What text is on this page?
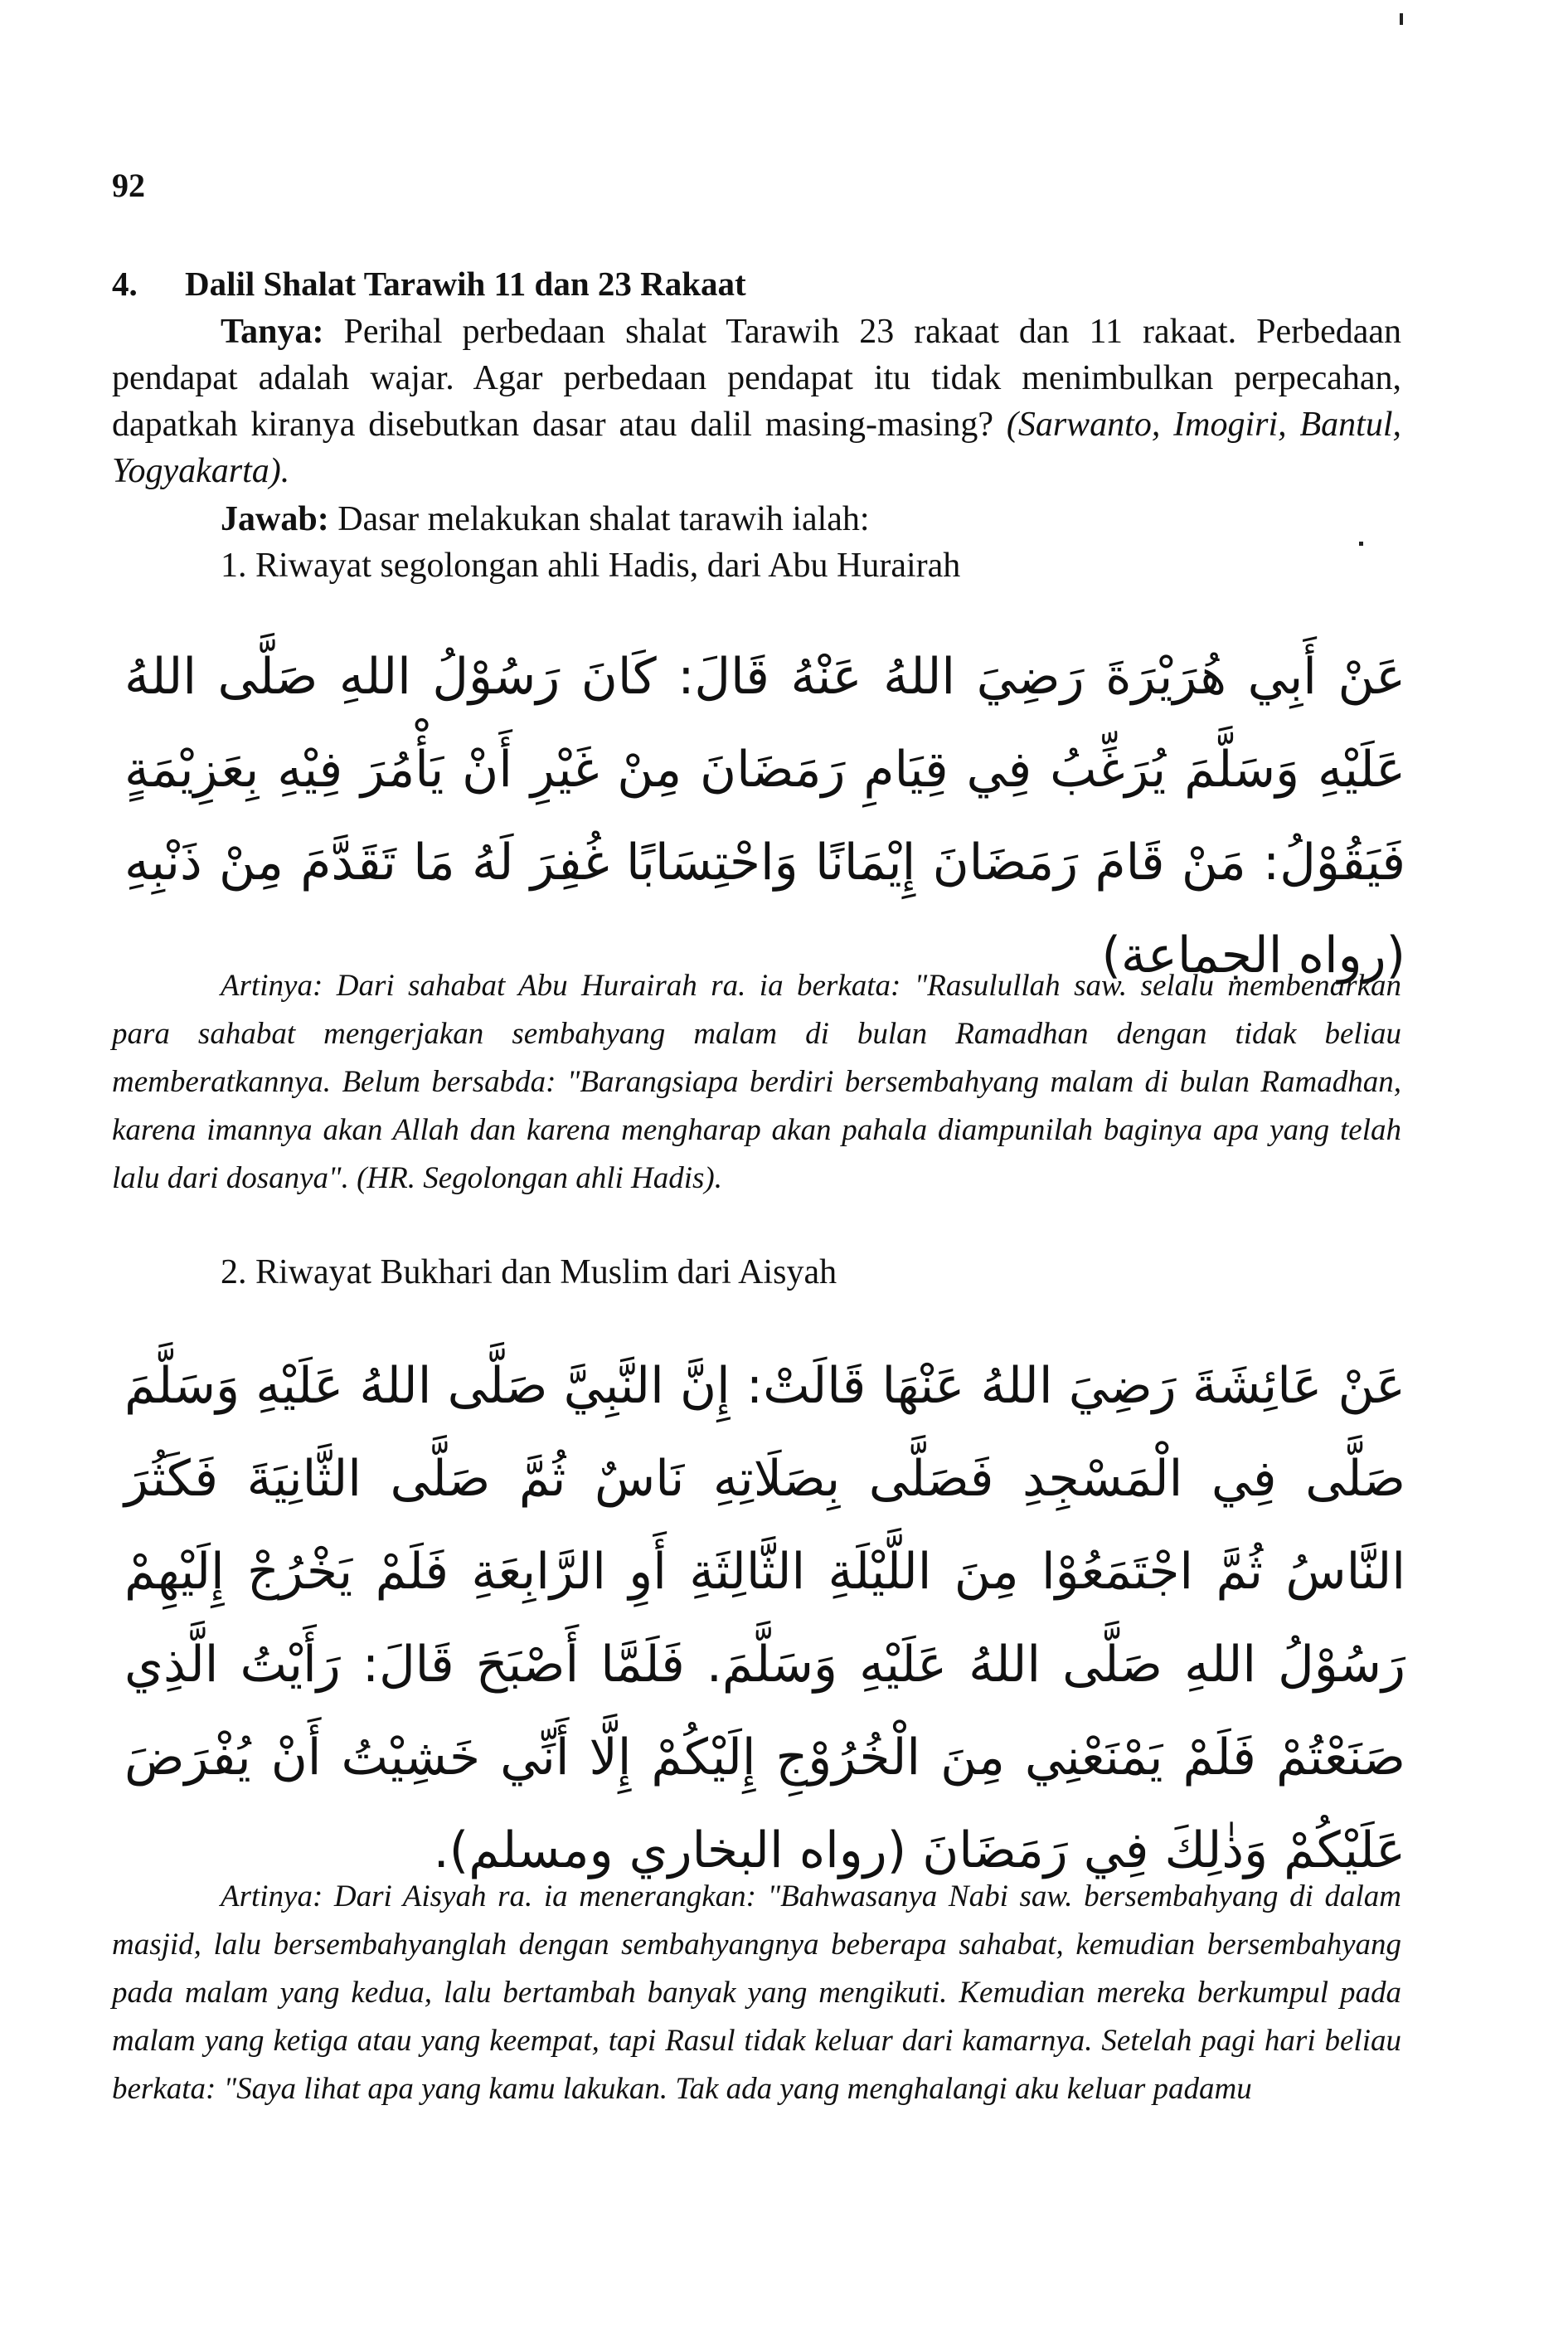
92
4. Dalil Shalat Tarawih 11 dan 23 Rakaat

Tanya: Perihal perbedaan shalat Tarawih 23 rakaat dan 11 rakaat. Perbedaan pendapat adalah wajar. Agar perbedaan pendapat itu tidak menimbulkan perpecahan, dapatkah kiranya disebutkan dasar atau dalil masing-masing? (Sarwanto, Imogiri, Bantul, Yogyakarta).

Jawab: Dasar melakukan shalat tarawih ialah:

1. Riwayat segolongan ahli Hadis, dari Abu Hurairah
عَنْ أَبِي هُرَيْرَةَ رَضِيَ اللهُ عَنْهُ قَالَ: كَانَ رَسُوْلُ اللهِ صَلَّى اللهُ عَلَيْهِ وَسَلَّمَ يُرَغِّبُ فِي قِيَامِ رَمَضَانَ مِنْ غَيْرِ أَنْ يَأْمُرَ فِيْهِ بِعَزِيْمَةٍ فَيَقُوْلُ: مَنْ قَامَ رَمَضَانَ إِيْمَانًا وَاحْتِسَابًا غُفِرَ لَهُ مَا تَقَدَّمَ مِنْ ذَنْبِهِ (رواه الجماعة)

Artinya: Dari sahabat Abu Hurairah ra. ia berkata: "Rasulullah saw. selalu membenarkan para sahabat mengerjakan sembahyang malam di bulan Ramadhan dengan tidak beliau memberatkannya. Belum bersabda: "Barangsiapa berdiri bersembahyang malam di bulan Ramadhan, karena imannya akan Allah dan karena mengharap akan pahala diampunilah baginya apa yang telah lalu dari dosanya". (HR. Segolongan ahli Hadis).

2. Riwayat Bukhari dan Muslim dari Aisyah
عَنْ عَائِشَةَ رَضِيَ اللهُ عَنْهَا قَالَتْ: إِنَّ النَّبِيَّ صَلَّى اللهُ عَلَيْهِ وَسَلَّمَ صَلَّى فِي الْمَسْجِدِ فَصَلَّى بِصَلَاتِهِ نَاسٌ ثُمَّ صَلَّى الثَّانِيَةَ فَكَثُرَ النَّاسُ ثُمَّ اجْتَمَعُوْا مِنَ اللَّيْلَةِ الثَّالِثَةِ أَوِ الرَّابِعَةِ فَلَمْ يَخْرُجْ إِلَيْهِمْ رَسُوْلُ اللهِ صَلَّى اللهُ عَلَيْهِ وَسَلَّمَ. فَلَمَّا أَصْبَحَ قَالَ: رَأَيْتُ الَّذِي صَنَعْتُمْ فَلَمْ يَمْنَعْنِي مِنَ الْخُرُوْجِ إِلَيْكُمْ إِلَّا أَنِّي خَشِيْتُ أَنْ يُفْرَضَ عَلَيْكُمْ وَذٰلِكَ فِي رَمَضَانَ (رواه البخاري ومسلم).

Artinya: Dari Aisyah ra. ia menerangkan: "Bahwasanya Nabi saw. bersembahyang di dalam masjid, lalu bersembahyanglah dengan sembahyangnya beberapa sahabat, kemudian bersembahyang pada malam yang kedua, lalu bertambah banyak yang mengikuti. Kemudian mereka berkumpul pada malam yang ketiga atau yang keempat, tapi Rasul tidak keluar dari kamarnya. Setelah pagi hari beliau berkata: "Saya lihat apa yang kamu lakukan. Tak ada yang menghalangi aku keluar padamu
